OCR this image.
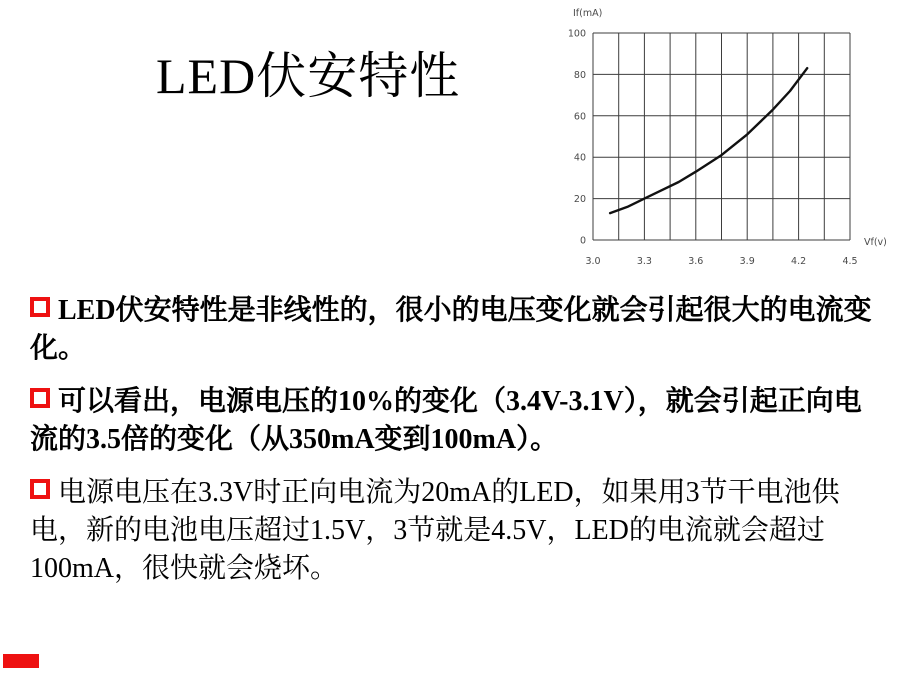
LED伏安特性
3.0	3.3	3.6	3.9	4.2	4.5
0
20
40
60
80
100
If(mA)
Vf(v)

LED伏安特性是非线性的，很小的电压变化就会引起很大的电流变化。

可以看出，电源电压的10%的变化（3.4V-3.1V），就会引起正向电流的3.5倍的变化（从350mA变到100mA）。

电源电压在3.3V时正向电流为20mA的LED，如果用3节干电池供电，新的电池电压超过1.5V，3节就是4.5V，LED的电流就会超过100mA，很快就会烧坏。
